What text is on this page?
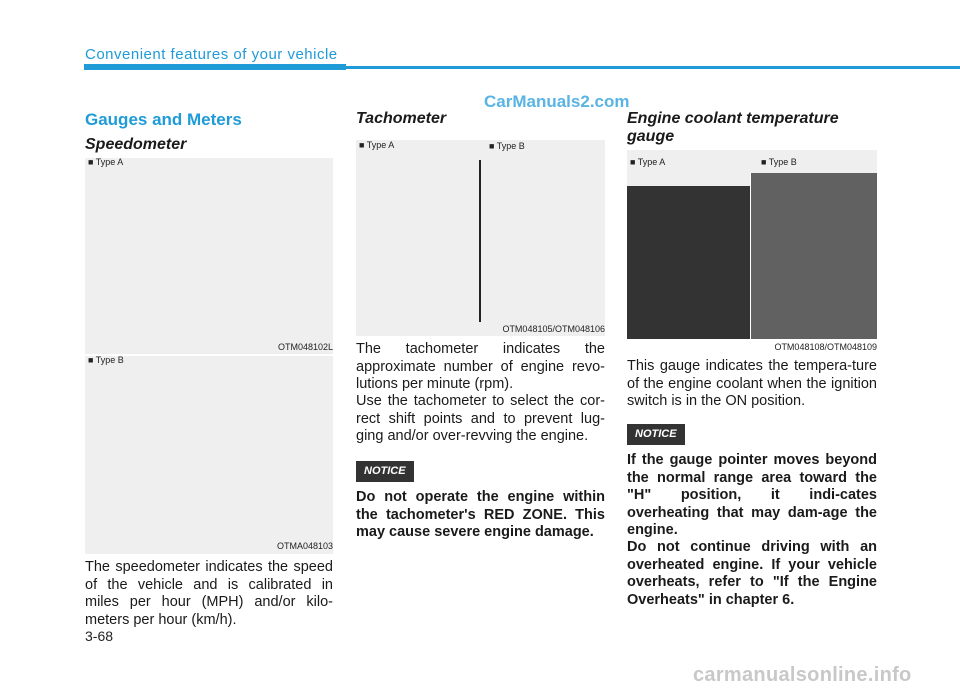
Convenient features of your vehicle
CarManuals2.com
Gauges and Meters
Speedometer
■ Type A
OTM048102L
■ Type B
OTMA048103
The speedometer indicates the speed of the vehicle and is calibrated in miles per hour (MPH) and/or kilo-meters per hour (km/h).
Tachometer
■ Type A	■ Type B
OTM048105/OTM048106
The tachometer indicates the approximate number of engine revo-lutions per minute (rpm).
Use the tachometer to select the cor-rect shift points and to prevent lug-ging and/or over-revving the engine.
NOTICE
Do not operate the engine within the tachometer's RED ZONE. This may cause severe engine damage.
Engine coolant temperature
gauge
■ Type A	■ Type B
OTM048108/OTM048109
This gauge indicates the tempera-ture of the engine coolant when the ignition switch is in the ON position.
NOTICE
If the gauge pointer moves beyond the normal range area toward the "H" position, it indi-cates overheating that may dam-age the engine.
Do not continue driving with an overheated engine. If your vehicle overheats, refer to "If the Engine Overheats" in chapter 6.
3-68
carmanualsonline.info
